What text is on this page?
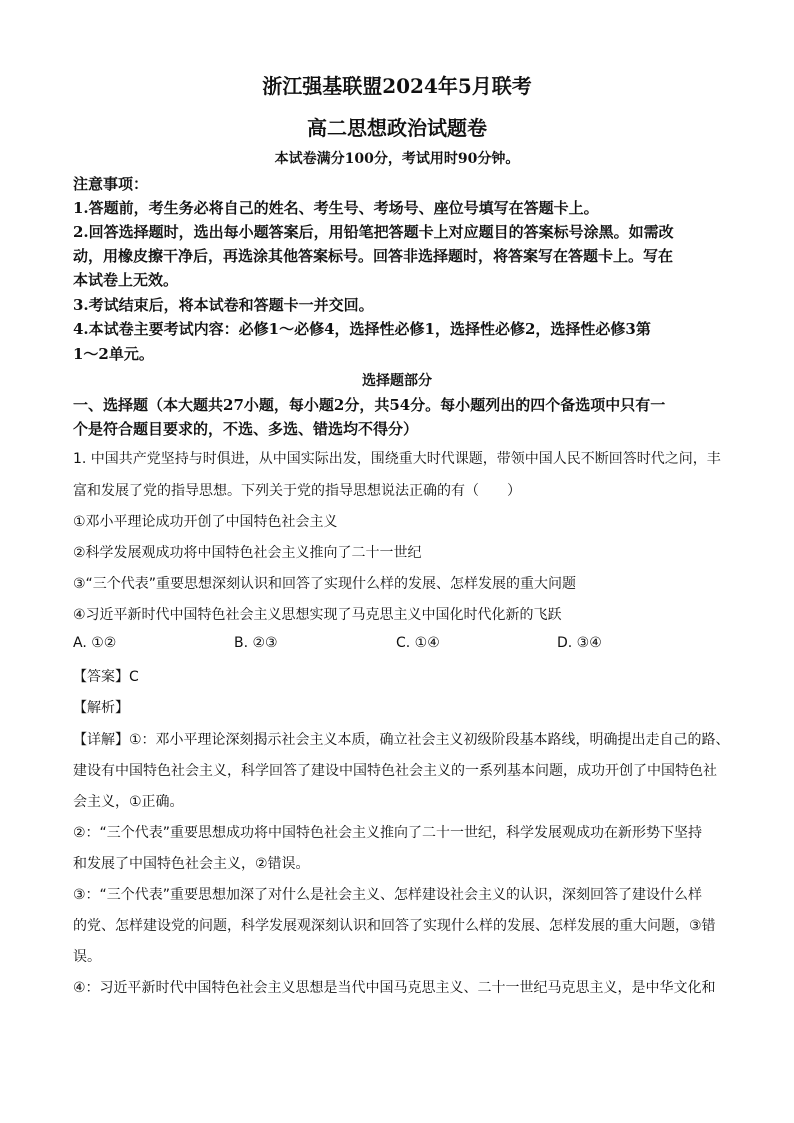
浙江强基联盟2024年5月联考
高二思想政治试题卷
本试卷满分100分，考试用时90分钟。
注意事项：
1.答题前，考生务必将自己的姓名、考生号、考场号、座位号填写在答题卡上。
2.回答选择题时，选出每小题答案后，用铅笔把答题卡上对应题目的答案标号涂黑。如需改
动，用橡皮擦干净后，再选涂其他答案标号。回答非选择题时，将答案写在答题卡上。写在
本试卷上无效。
3.考试结束后，将本试卷和答题卡一并交回。
4.本试卷主要考试内容：必修1～必修4，选择性必修1，选择性必修2，选择性必修3第
1～2单元。
选择题部分
一、选择题（本大题共27小题，每小题2分，共54分。每小题列出的四个备选项中只有一
个是符合题目要求的，不选、多选、错选均不得分）
1. 中国共产党坚持与时俱进，从中国实际出发，围绕重大时代课题，带领中国人民不断回答时代之问，丰
富和发展了党的指导思想。下列关于党的指导思想说法正确的有（　　）
①邓小平理论成功开创了中国特色社会主义
②科学发展观成功将中国特色社会主义推向了二十一世纪
③“三个代表”重要思想深刻认识和回答了实现什么样的发展、怎样发展的重大问题
④习近平新时代中国特色社会主义思想实现了马克思主义中国化时代化新的飞跃
A. ①②	B. ②③	C. ①④	D. ③④
【答案】C
【解析】
【详解】①：邓小平理论深刻揭示社会主义本质，确立社会主义初级阶段基本路线，明确提出走自己的路、
建设有中国特色社会主义，科学回答了建设中国特色社会主义的一系列基本问题，成功开创了中国特色社
会主义，①正确。
②：“三个代表”重要思想成功将中国特色社会主义推向了二十一世纪，科学发展观成功在新形势下坚持
和发展了中国特色社会主义，②错误。
③：“三个代表”重要思想加深了对什么是社会主义、怎样建设社会主义的认识，深刻回答了建设什么样
的党、怎样建设党的问题，科学发展观深刻认识和回答了实现什么样的发展、怎样发展的重大问题，③错
误。
④：习近平新时代中国特色社会主义思想是当代中国马克思主义、二十一世纪马克思主义，是中华文化和
